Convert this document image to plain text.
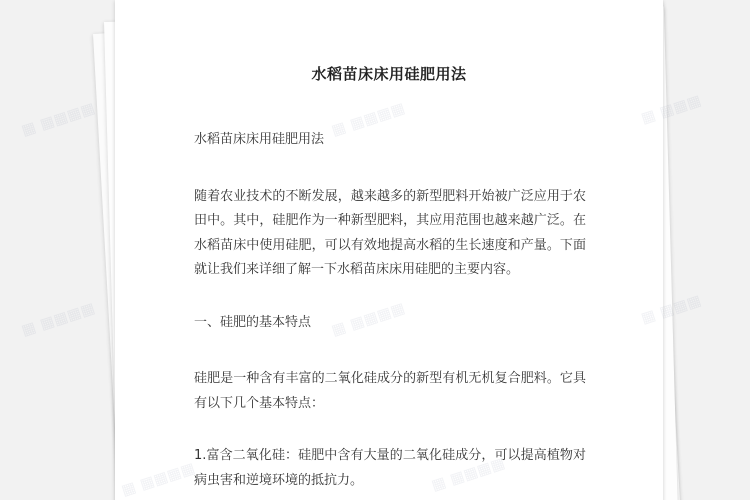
水稻苗床床用硅肥用法

水稻苗床床用硅肥用法

随着农业技术的不断发展，越来越多的新型肥料开始被广泛应用于农田中。其中，硅肥作为一种新型肥料，其应用范围也越来越广泛。在水稻苗床中使用硅肥，可以有效地提高水稻的生长速度和产量。下面就让我们来详细了解一下水稻苗床床用硅肥的主要内容。

一、硅肥的基本特点

硅肥是一种含有丰富的二氧化硅成分的新型有机无机复合肥料。它具有以下几个基本特点：

1.富含二氧化硅：硅肥中含有大量的二氧化硅成分，可以提高植物对病虫害和逆境环境的抵抗力。

▦ ▦▦▦▦	▦ ▦▦▦
▦ ▦▦▦▦	▦▦▦
